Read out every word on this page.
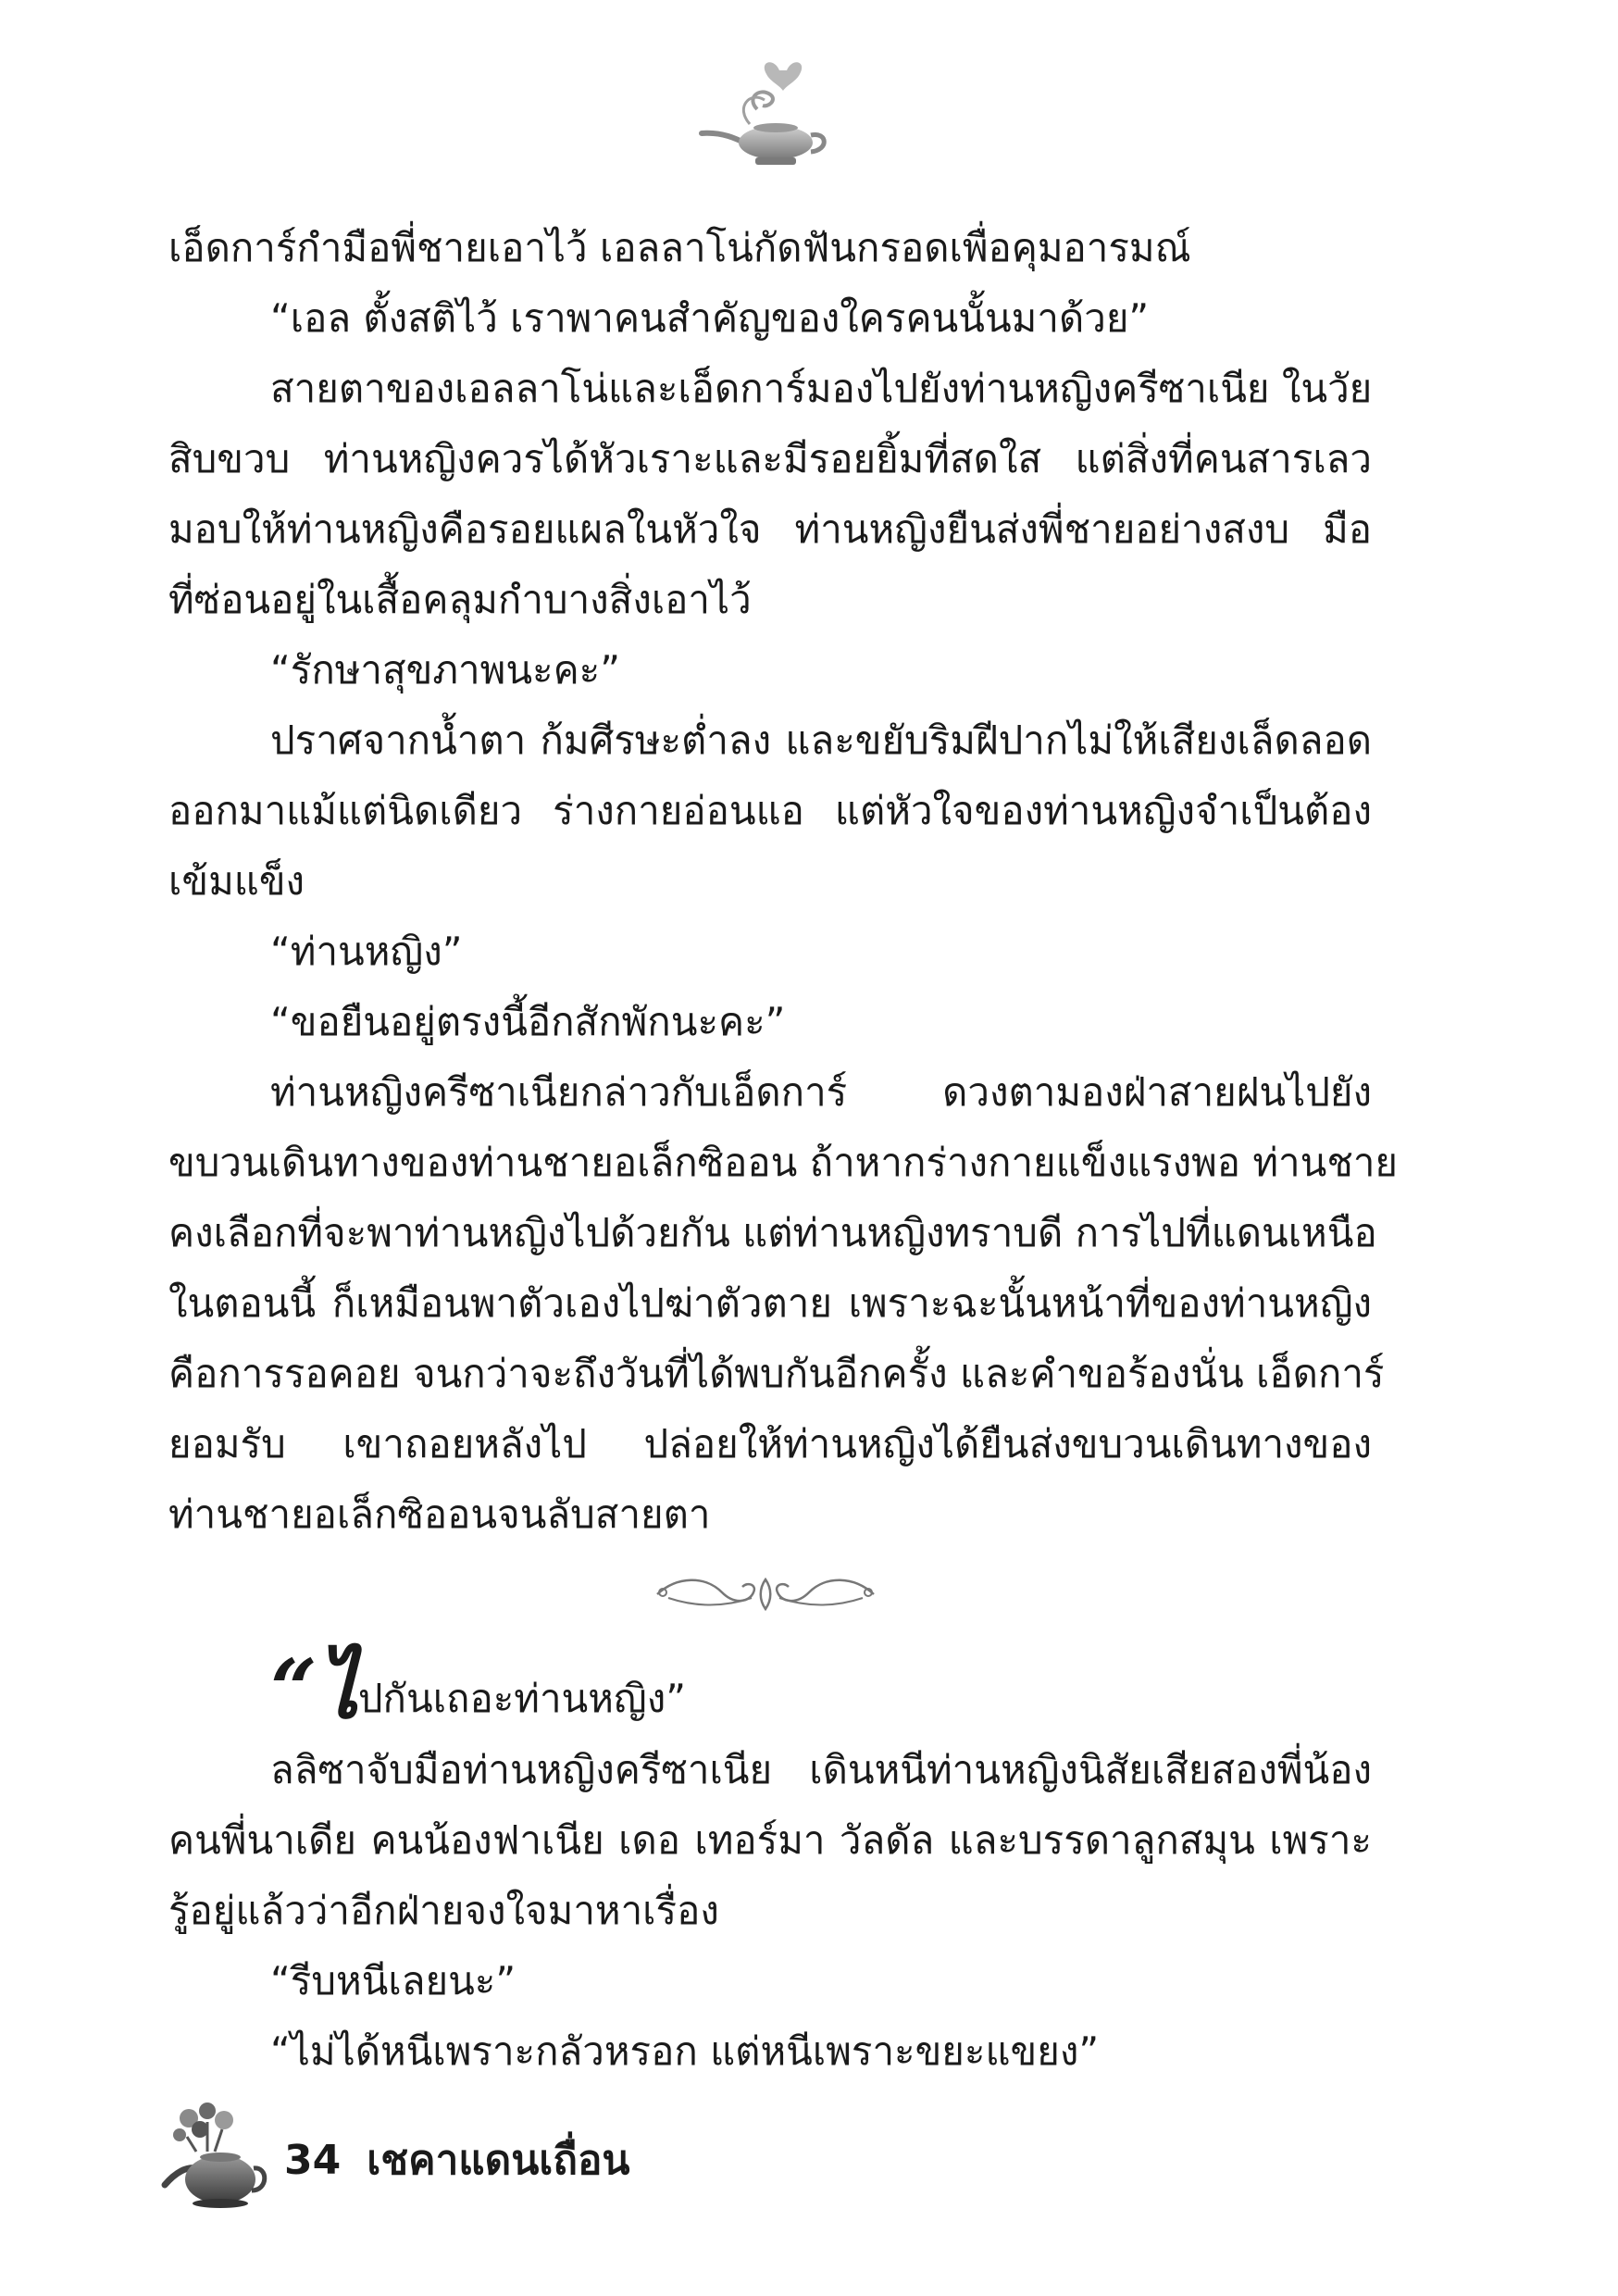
เอ็ดการ์กำมือพี่ชายเอาไว้ เอลลาโน่กัดฟันกรอดเพื่อคุมอารมณ์
“เอล ตั้งสติไว้ เราพาคนสำคัญของใครคนนั้นมาด้วย”
สายตาของเอลลาโน่และเอ็ดการ์มองไปยังท่านหญิงครีซาเนีย ในวัย
สิบขวบ ท่านหญิงควรได้หัวเราะและมีรอยยิ้มที่สดใส แต่สิ่งที่คนสารเลว
มอบให้ท่านหญิงคือรอยแผลในหัวใจ ท่านหญิงยืนส่งพี่ชายอย่างสงบ มือ
ที่ซ่อนอยู่ในเสื้อคลุมกำบางสิ่งเอาไว้
“รักษาสุขภาพนะคะ”
ปราศจากน้ำตา ก้มศีรษะต่ำลง และขยับริมฝีปากไม่ให้เสียงเล็ดลอด
ออกมาแม้แต่นิดเดียว ร่างกายอ่อนแอ แต่หัวใจของท่านหญิงจำเป็นต้อง
เข้มแข็ง
“ท่านหญิง”
“ขอยืนอยู่ตรงนี้อีกสักพักนะคะ”
ท่านหญิงครีซาเนียกล่าวกับเอ็ดการ์ ดวงตามองฝ่าสายฝนไปยัง
ขบวนเดินทางของท่านชายอเล็กซิออน ถ้าหากร่างกายแข็งแรงพอ ท่านชาย
คงเลือกที่จะพาท่านหญิงไปด้วยกัน แต่ท่านหญิงทราบดี การไปที่แดนเหนือ
ในตอนนี้ ก็เหมือนพาตัวเองไปฆ่าตัวตาย เพราะฉะนั้นหน้าที่ของท่านหญิง
คือการรอคอย จนกว่าจะถึงวันที่ได้พบกันอีกครั้ง และคำขอร้องนั่น เอ็ดการ์
ยอมรับ เขาถอยหลังไป ปล่อยให้ท่านหญิงได้ยืนส่งขบวนเดินทางของ
ท่านชายอเล็กซิออนจนลับสายตา
“ไปกันเถอะท่านหญิง”
ลลิซาจับมือท่านหญิงครีซาเนีย เดินหนีท่านหญิงนิสัยเสียสองพี่น้อง
คนพี่นาเดีย คนน้องฟาเนีย เดอ เทอร์มา วัลดัล และบรรดาลูกสมุน เพราะ
รู้อยู่แล้วว่าอีกฝ่ายจงใจมาหาเรื่อง
“รีบหนีเลยนะ”
“ไม่ได้หนีเพราะกลัวหรอก แต่หนีเพราะขยะแขยง”
34 เชคาแดนเถื่อน
